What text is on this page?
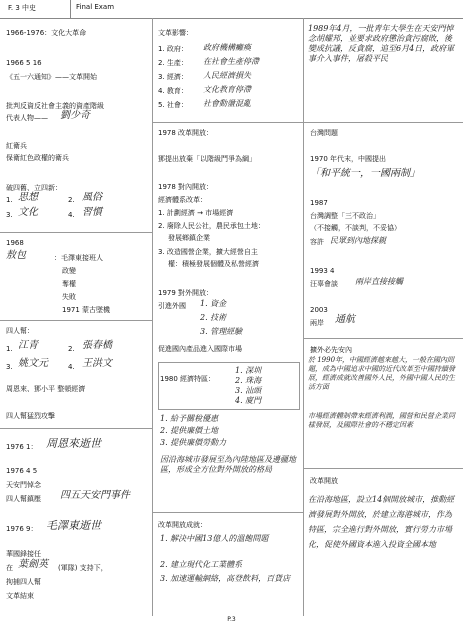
F. 3 中史	Final Exam
1966-1976：文化大革命
1966 5 16
《五一六通知》——文革開始
批判反資反社會主義的資產階級
代表人物—— 劉少奇
紅衛兵
保衛紅色政權的衛兵
破四舊、立四新：
1. 思想	2. 風俗
3. 文化	4. 習慣
1968
敖包	：毛澤東接班人
政變
奪權
失敗
1971 蒙古墜機
四人幫：
1. 江青	2. 張春橋
3. 姚文元	4. 王洪文
周恩來、鄧小平 整頓經濟
四人幫猛烈攻擊
1976 1： 周恩來逝世
1976 4 5
天安門悼念
四人幫鎮壓 四五天安門事件
1976 9： 毛澤東逝世
華國鋒接任
在 葉劍英 (軍隊) 支持下，
拘捕四人幫
文革結束
文革影響：
1. 政府： 政府機構癱瘓
2. 生產： 在社會生產停滯
3. 經濟： 人民經濟損失
4. 教育： 文化教育停滯
5. 社會： 社會動盪混亂
1978 改革開放：
鄧提出放棄「以階級鬥爭為綱」
1978 對內開放：
經濟體系改革：
1. 計劃經濟 → 市場經濟
2. 廢除人民公社，農民承包土地：
發展鄉鎮企業
3. 改造國營企業，擴大經營自主
權：積極發展個體及私營經濟
1979 對外開放：
引進外國 1. 資金
2. 技術
3. 管理經驗
促進國內產品進入國際市場
1980 經濟特區：
1. 深圳
2. 珠海
3. 汕頭
4. 廈門
1. 給予關稅優惠
2. 提供廉價土地
3. 提供廉價勞動力
因沿海城市發展至為內陸地區及邊疆地區，形成全方位對外開放的格局
改革開放成就：
1. 解決中國13億人的溫飽問題
2. 建立現代化工業體系
3. 加速運輸網絡，高登飲料，百貨店
1989年4月，一批青年大學生在天安門悼念胡耀邦，並要求政府懲治貪污腐敗，後變成抗議，反貪腐，追至6月4日，政府軍事介入事件，屠殺平民
台灣問題
1970 年代末，中國提出
「和平統一，一國兩制」
1987
台灣調整「三不政治」
（不接觸，不談判，不妥協）
容許 民眾到內地探親
1993 4
汪辜會談 兩岸直接接觸
2003
兩岸 通航
擴外必先安內
於 1990年，中國經濟越來越大，一般在國內問題，成為中國追求中國的近代改革至中國持續發展，經濟成就改善國外人民，外國中國人民的生活方面
市場經濟體制帶來經濟利潤，國營和民營企業同樣發展，及國際社會的不穩定因素
改革開放
在沿海地區，設立14個開放城市，推動經濟發展對外開放，於建立海港城市，作為特區，宗全進行對外開放，實行勞力市場化，促使外國資本進入投資全國本地
P.3
